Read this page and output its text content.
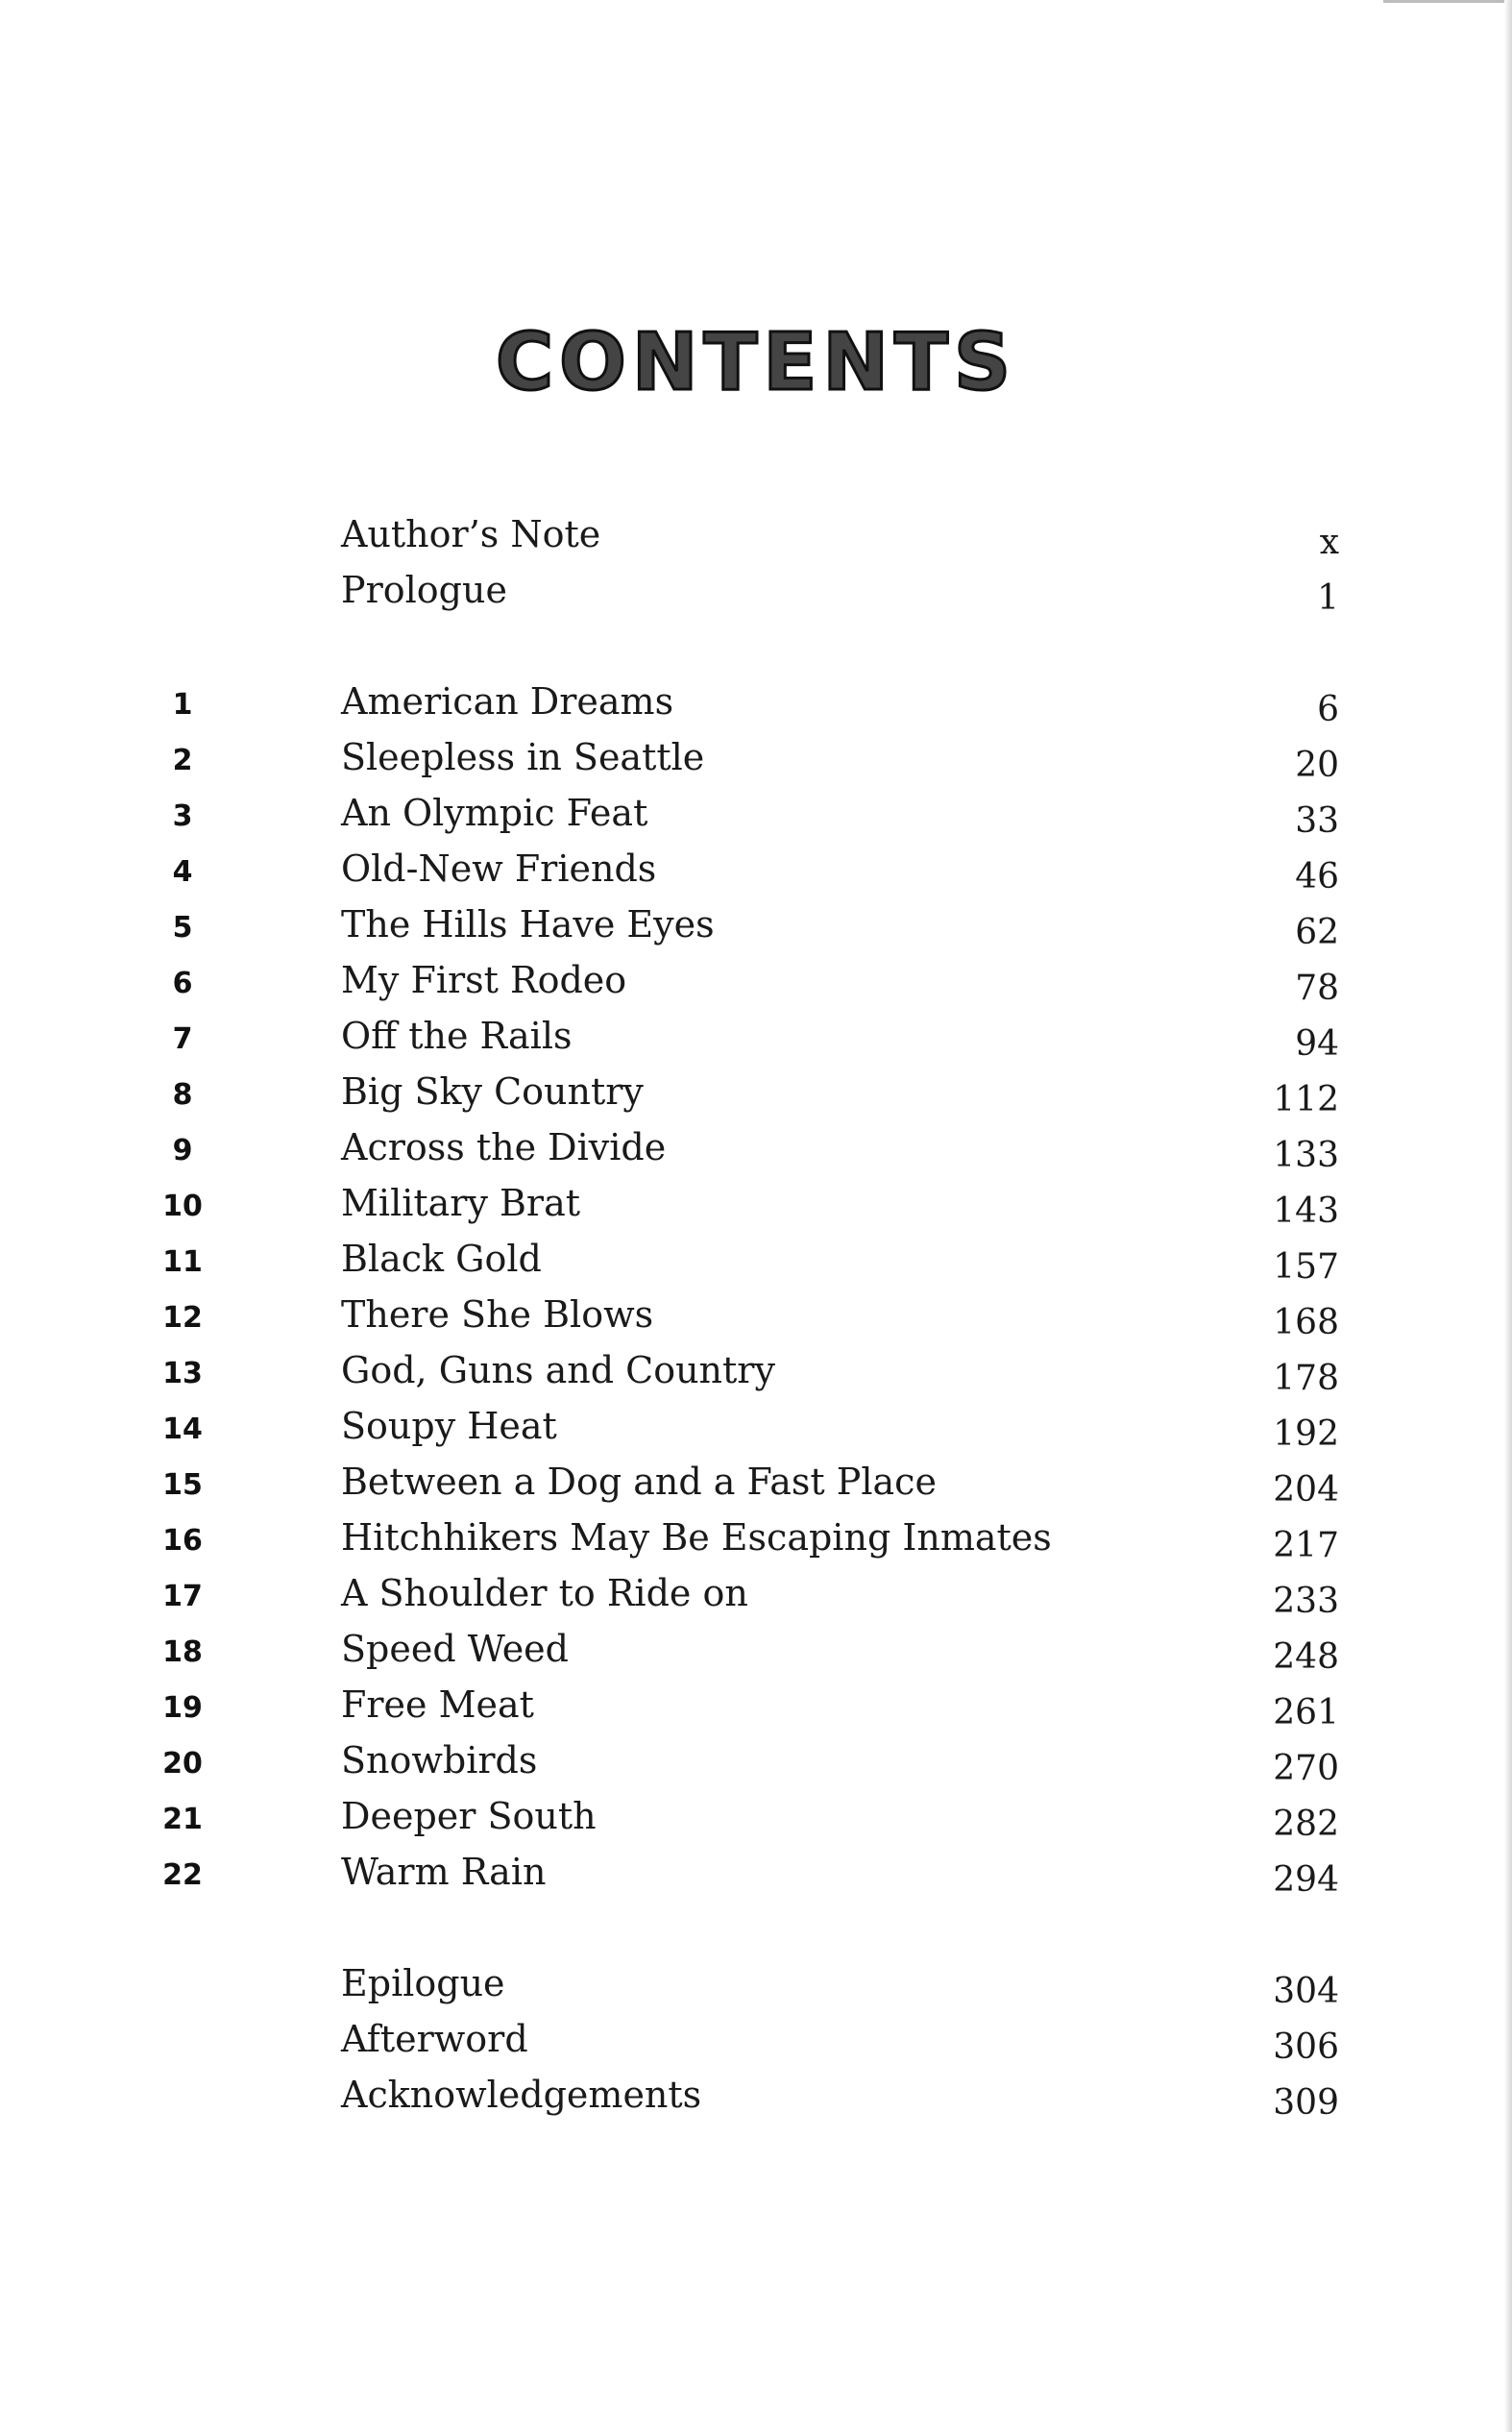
CONTENTS
Author’s Note	x
Prologue	1
1	American Dreams	6
2	Sleepless in Seattle	20
3	An Olympic Feat	33
4	Old-New Friends	46
5	The Hills Have Eyes	62
6	My First Rodeo	78
7	Off the Rails	94
8	Big Sky Country	112
9	Across the Divide	133
10	Military Brat	143
11	Black Gold	157
12	There She Blows	168
13	God, Guns and Country	178
14	Soupy Heat	192
15	Between a Dog and a Fast Place	204
16	Hitchhikers May Be Escaping Inmates	217
17	A Shoulder to Ride on	233
18	Speed Weed	248
19	Free Meat	261
20	Snowbirds	270
21	Deeper South	282
22	Warm Rain	294
Epilogue	304
Afterword	306
Acknowledgements	309
